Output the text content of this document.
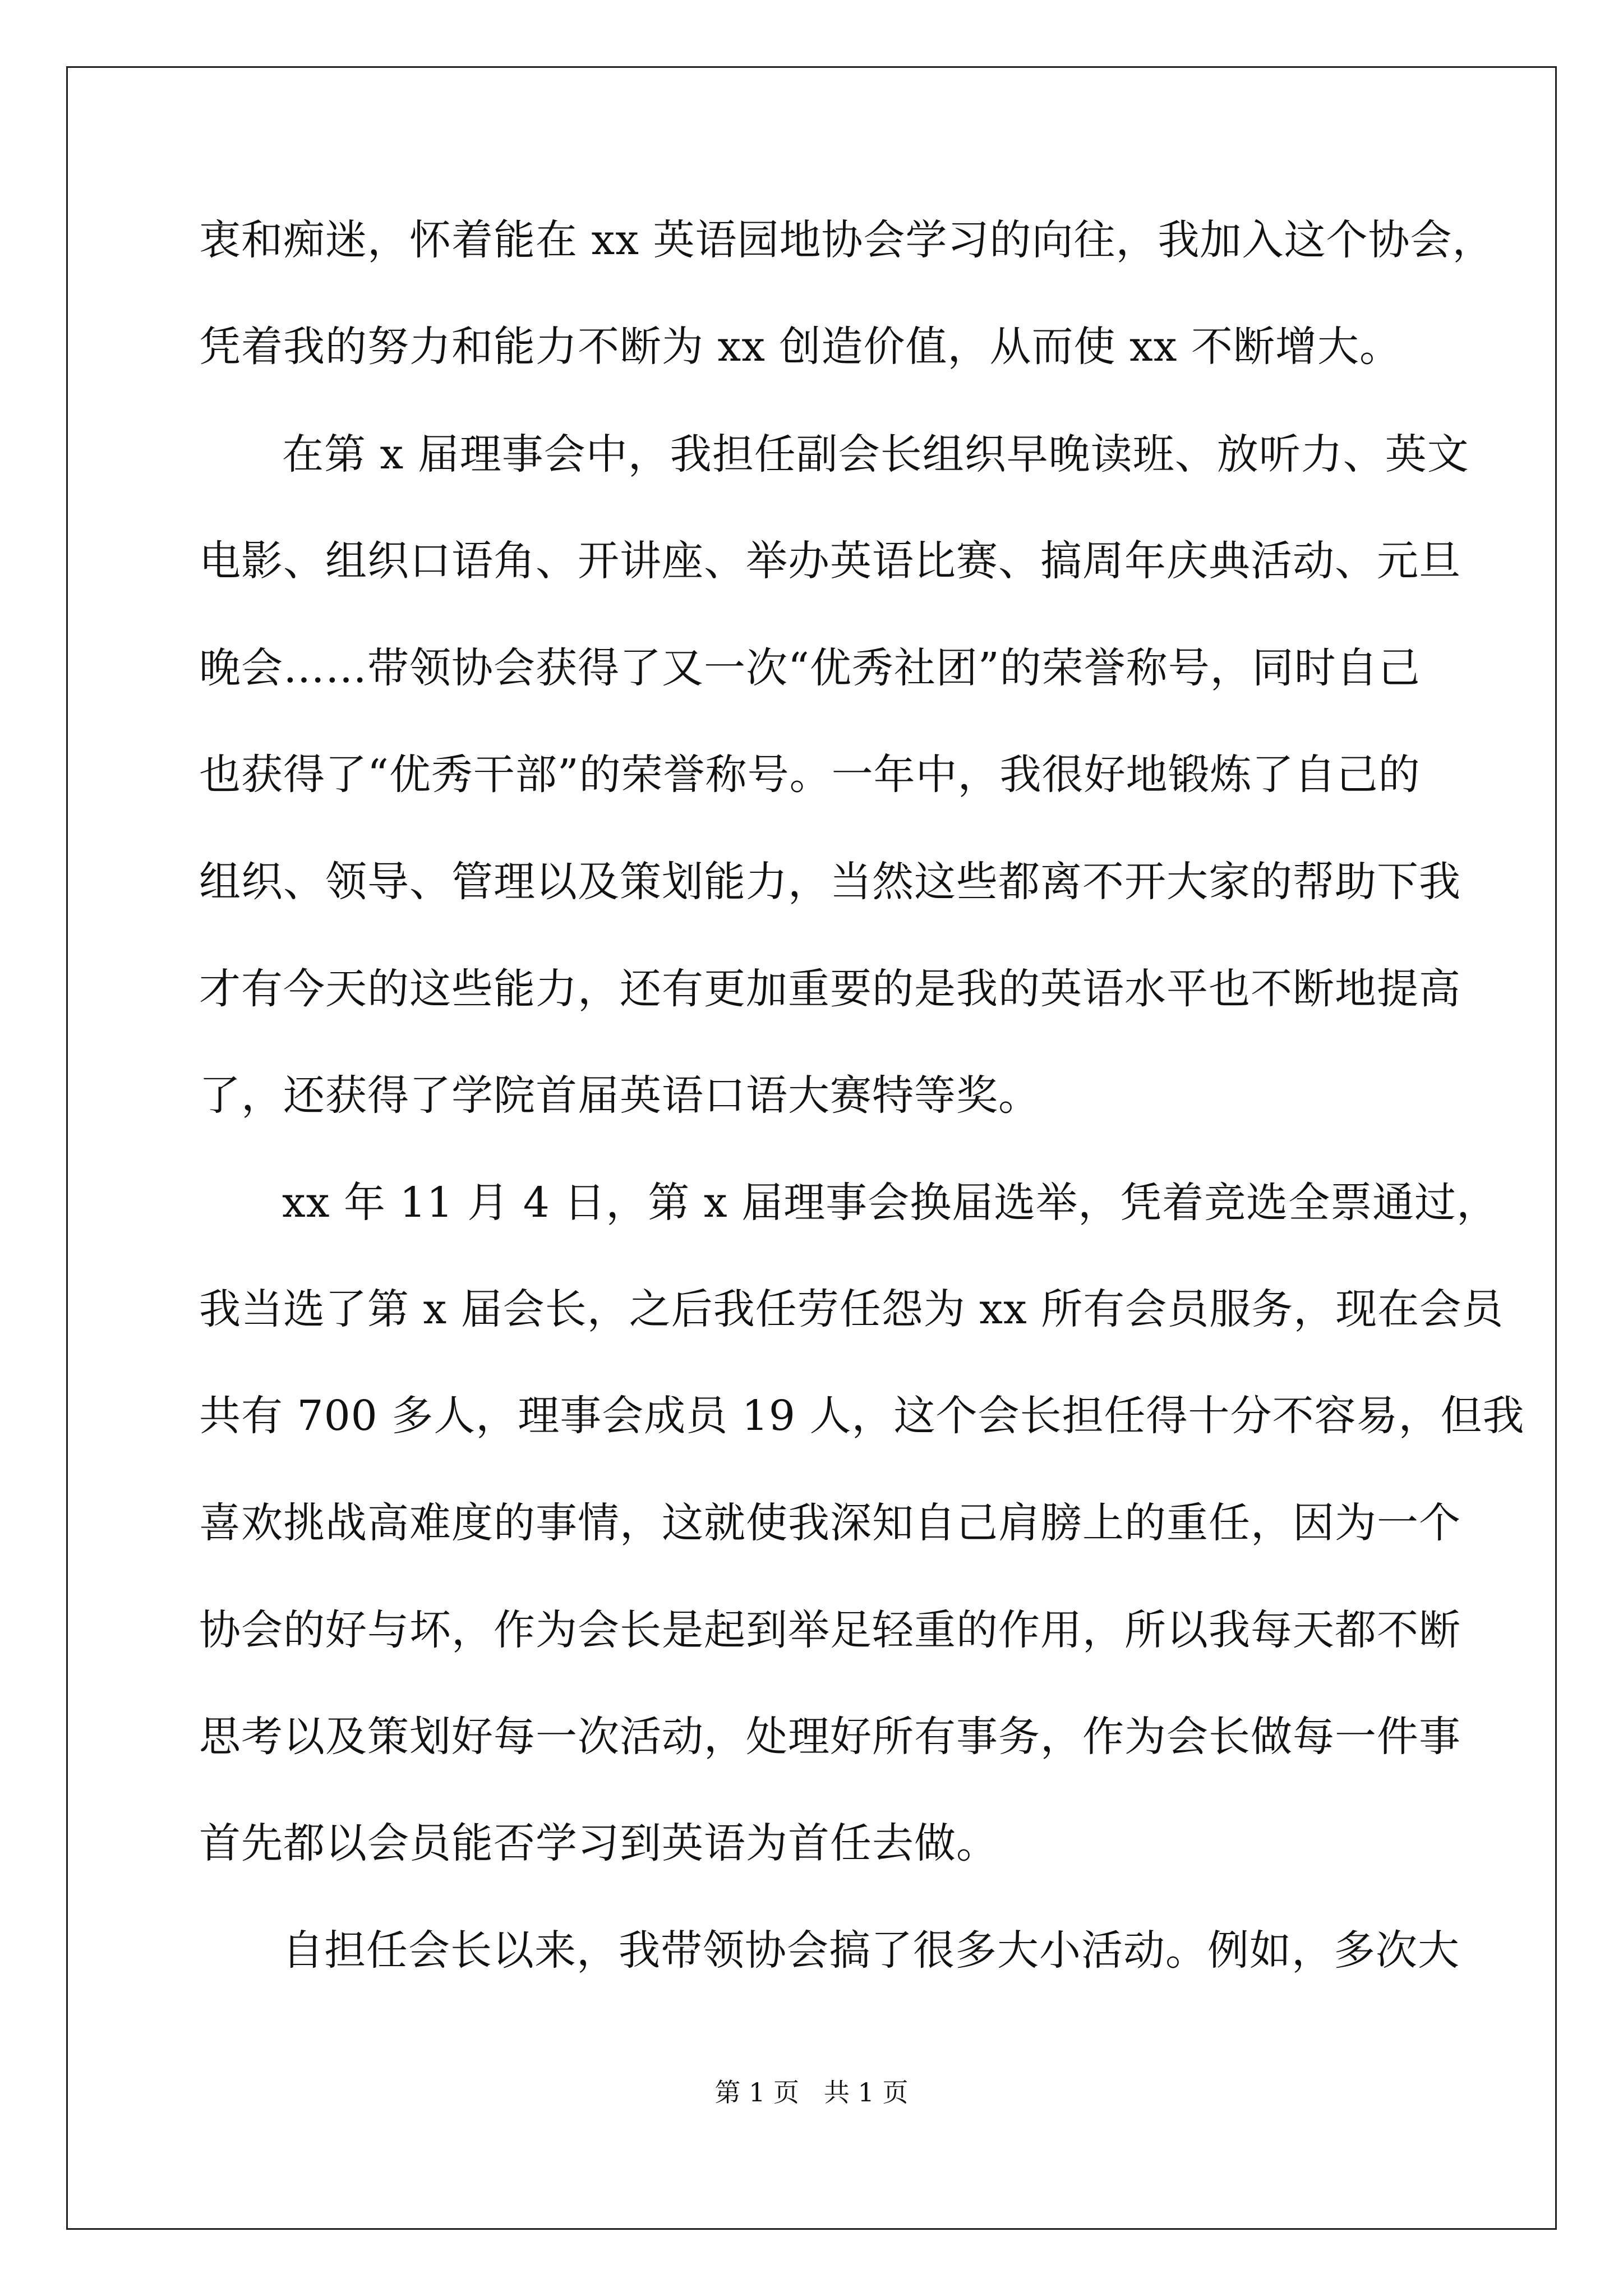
衷和痴迷，怀着能在 xx 英语园地协会学习的向往，我加入这个协会，
凭着我的努力和能力不断为 xx 创造价值，从而使 xx 不断增大。
在第 x 届理事会中，我担任副会长组织早晚读班、放听力、英文
电影、组织口语角、开讲座、举办英语比赛、搞周年庆典活动、元旦
晚会……带领协会获得了又一次“优秀社团”的荣誉称号，同时自己
也获得了“优秀干部”的荣誉称号。一年中，我很好地锻炼了自己的
组织、领导、管理以及策划能力，当然这些都离不开大家的帮助下我
才有今天的这些能力，还有更加重要的是我的英语水平也不断地提高
了，还获得了学院首届英语口语大赛特等奖。
xx 年 11 月 4 日，第 x 届理事会换届选举，凭着竞选全票通过，
我当选了第 x 届会长，之后我任劳任怨为 xx 所有会员服务，现在会员
共有 700 多人，理事会成员 19 人，这个会长担任得十分不容易，但我
喜欢挑战高难度的事情，这就使我深知自己肩膀上的重任，因为一个
协会的好与坏，作为会长是起到举足轻重的作用，所以我每天都不断
思考以及策划好每一次活动，处理好所有事务，作为会长做每一件事
首先都以会员能否学习到英语为首任去做。
自担任会长以来，我带领协会搞了很多大小活动。例如，多次大
第 1 页 共 1 页
